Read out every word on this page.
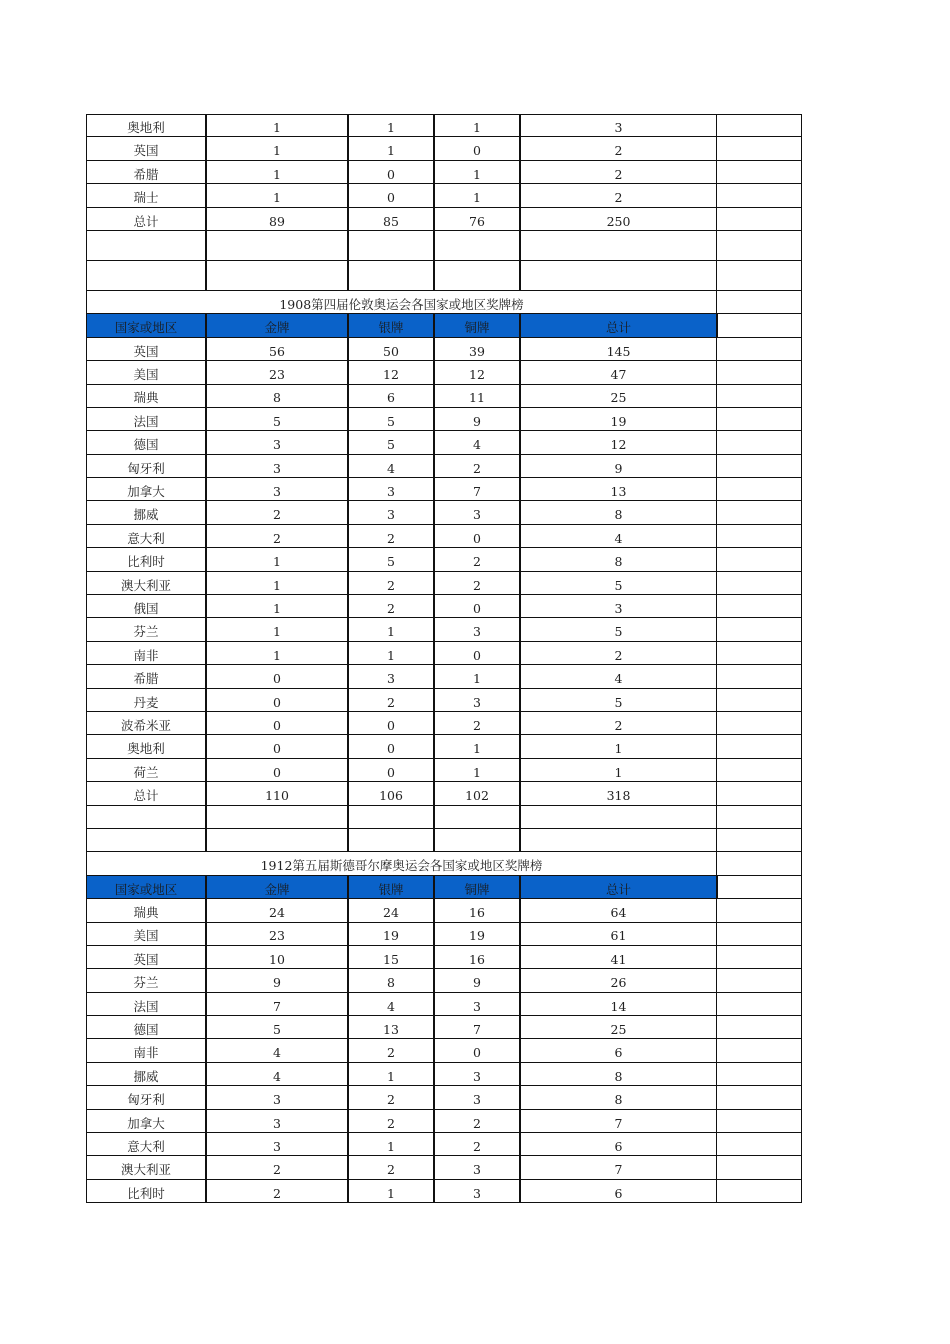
奥地利	1	1	1	3
英国	1	1	0	2
希腊	1	0	1	2
瑞士	1	0	1	2
总计	89	85	76	250
1908第四届伦敦奥运会各国家或地区奖牌榜
国家或地区	金牌	银牌	铜牌	总计
英国	56	50	39	145
美国	23	12	12	47
瑞典	8	6	11	25
法国	5	5	9	19
德国	3	5	4	12
匈牙利	3	4	2	9
加拿大	3	3	7	13
挪威	2	3	3	8
意大利	2	2	0	4
比利时	1	5	2	8
澳大利亚	1	2	2	5
俄国	1	2	0	3
芬兰	1	1	3	5
南非	1	1	0	2
希腊	0	3	1	4
丹麦	0	2	3	5
波希米亚	0	0	2	2
奥地利	0	0	1	1
荷兰	0	0	1	1
总计	110	106	102	318
1912第五届斯德哥尔摩奥运会各国家或地区奖牌榜
国家或地区	金牌	银牌	铜牌	总计
瑞典	24	24	16	64
美国	23	19	19	61
英国	10	15	16	41
芬兰	9	8	9	26
法国	7	4	3	14
德国	5	13	7	25
南非	4	2	0	6
挪威	4	1	3	8
匈牙利	3	2	3	8
加拿大	3	2	2	7
意大利	3	1	2	6
澳大利亚	2	2	3	7
比利时	2	1	3	6
